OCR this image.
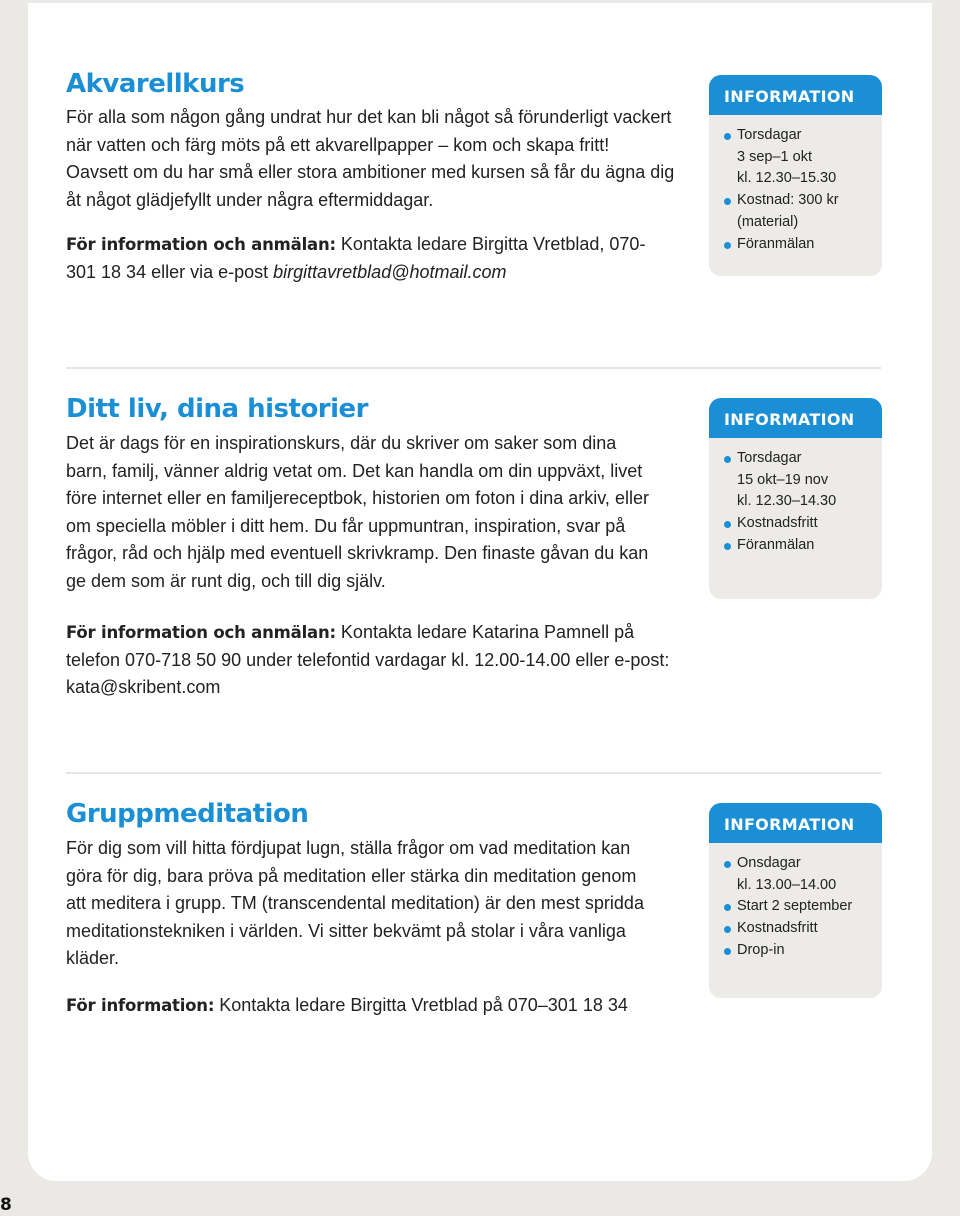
Akvarellkurs

För alla som någon gång undrat hur det kan bli något så förunderligt vackert när vatten och färg möts på ett akvarellpapper – kom och skapa fritt! Oavsett om du har små eller stora ambitioner med kursen så får du ägna dig åt något glädjefyllt under några eftermiddagar.

För information och anmälan: Kontakta ledare Birgitta Vretblad, 070-301 18 34 eller via e-post birgittavretblad@hotmail.com

INFORMATION
Torsdagar
3 sep–1 okt
kl. 12.30–15.30
Kostnad: 300 kr
(material)
Föranmälan
Ditt liv, dina historier

Det är dags för en inspirationskurs, där du skriver om saker som dina barn, familj, vänner aldrig vetat om. Det kan handla om din uppväxt, livet före internet eller en familjereceptbok, historien om foton i dina arkiv, eller om speciella möbler i ditt hem. Du får uppmuntran, inspiration, svar på frågor, råd och hjälp med eventuell skrivkramp. Den finaste gåvan du kan ge dem som är runt dig, och till dig själv.

För information och anmälan: Kontakta ledare Katarina Pamnell på telefon 070-718 50 90 under telefontid vardagar kl. 12.00-14.00 eller e-post: kata@skribent.com

INFORMATION
Torsdagar
15 okt–19 nov
kl. 12.30–14.30
Kostnadsfritt
Föranmälan
Gruppmeditation

För dig som vill hitta fördjupat lugn, ställa frågor om vad meditation kan göra för dig, bara pröva på meditation eller stärka din meditation genom att meditera i grupp. TM (transcendental meditation) är den mest spridda meditationstekniken i världen. Vi sitter bekvämt på stolar i våra vanliga kläder.

För information: Kontakta ledare Birgitta Vretblad på 070–301 18 34

INFORMATION
Onsdagar
kl. 13.00–14.00
Start 2 september
Kostnadsfritt
Drop-in
8
